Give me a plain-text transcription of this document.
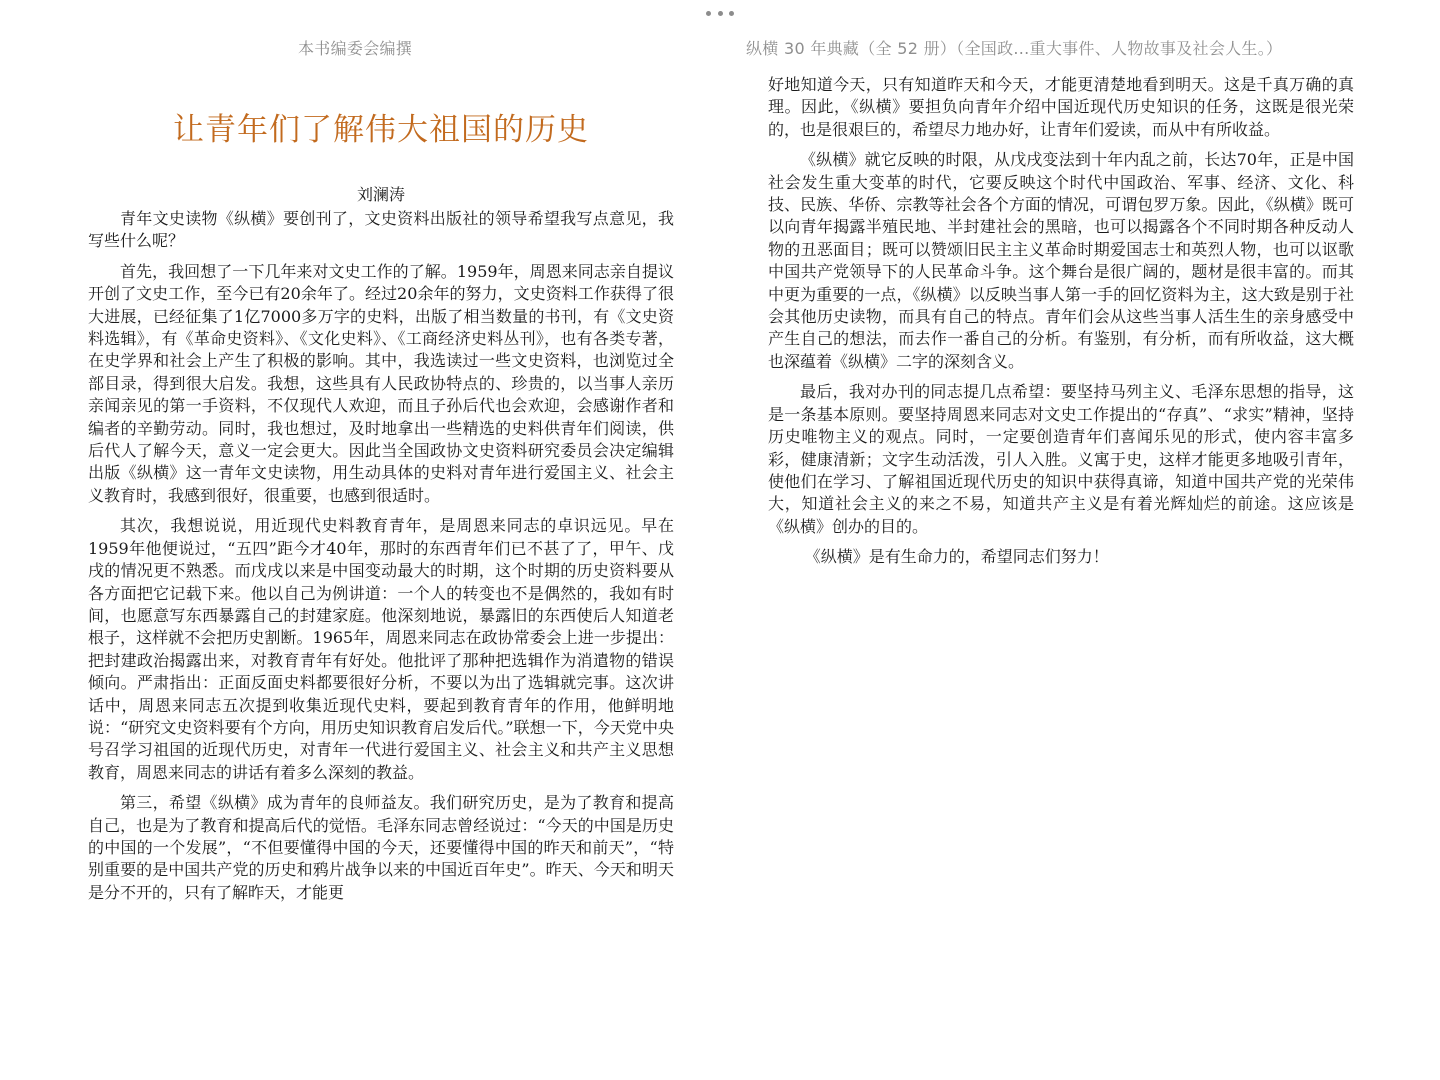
本书编委会编撰
让青年们了解伟大祖国的历史
刘澜涛

青年文史读物《纵横》要创刊了，文史资料出版社的领导希望我写点意见，我写些什么呢？

首先，我回想了一下几年来对文史工作的了解。1959年，周恩来同志亲自提议开创了文史工作，至今已有20余年了。经过20余年的努力，文史资料工作获得了很大进展，已经征集了1亿7000多万字的史料，出版了相当数量的书刊，有《文史资料选辑》，有《革命史资料》、《文化史料》、《工商经济史料丛刊》，也有各类专著，在史学界和社会上产生了积极的影响。其中，我选读过一些文史资料，也浏览过全部目录，得到很大启发。我想，这些具有人民政协特点的、珍贵的，以当事人亲历亲闻亲见的第一手资料，不仅现代人欢迎，而且子孙后代也会欢迎，会感谢作者和编者的辛勤劳动。同时，我也想过，及时地拿出一些精选的史料供青年们阅读，供后代人了解今天，意义一定会更大。因此当全国政协文史资料研究委员会决定编辑出版《纵横》这一青年文史读物，用生动具体的史料对青年进行爱国主义、社会主义教育时，我感到很好，很重要，也感到很适时。

其次，我想说说，用近现代史料教育青年，是周恩来同志的卓识远见。早在1959年他便说过，“五四”距今才40年，那时的东西青年们已不甚了了，甲午、戊戌的情况更不熟悉。而戊戌以来是中国变动最大的时期，这个时期的历史资料要从各方面把它记载下来。他以自己为例讲道：一个人的转变也不是偶然的，我如有时间，也愿意写东西暴露自己的封建家庭。他深刻地说，暴露旧的东西使后人知道老根子，这样就不会把历史割断。1965年，周恩来同志在政协常委会上进一步提出：把封建政治揭露出来，对教育青年有好处。他批评了那种把选辑作为消遣物的错误倾向。严肃指出：正面反面史料都要很好分析，不要以为出了选辑就完事。这次讲话中，周恩来同志五次提到收集近现代史料，要起到教育青年的作用，他鲜明地说：“研究文史资料要有个方向，用历史知识教育启发后代。”联想一下，今天党中央号召学习祖国的近现代历史，对青年一代进行爱国主义、社会主义和共产主义思想教育，周恩来同志的讲话有着多么深刻的教益。

第三，希望《纵横》成为青年的良师益友。我们研究历史，是为了教育和提高自己，也是为了教育和提高后代的觉悟。毛泽东同志曾经说过：“今天的中国是历史的中国的一个发展”，“不但要懂得中国的今天，还要懂得中国的昨天和前天”，“特别重要的是中国共产党的历史和鸦片战争以来的中国近百年史”。昨天、今天和明天是分不开的，只有了解昨天，才能更

纵横 30 年典藏（全 52 册）（全国政...重大事件、人物故事及社会人生。）

好地知道今天，只有知道昨天和今天，才能更清楚地看到明天。这是千真万确的真理。因此，《纵横》要担负向青年介绍中国近现代历史知识的任务，这既是很光荣的，也是很艰巨的，希望尽力地办好，让青年们爱读，而从中有所收益。

《纵横》就它反映的时限，从戊戌变法到十年内乱之前，长达70年，正是中国社会发生重大变革的时代，它要反映这个时代中国政治、军事、经济、文化、科技、民族、华侨、宗教等社会各个方面的情况，可谓包罗万象。因此，《纵横》既可以向青年揭露半殖民地、半封建社会的黑暗，也可以揭露各个不同时期各种反动人物的丑恶面目；既可以赞颂旧民主主义革命时期爱国志士和英烈人物，也可以讴歌中国共产党领导下的人民革命斗争。这个舞台是很广阔的，题材是很丰富的。而其中更为重要的一点，《纵横》以反映当事人第一手的回忆资料为主，这大致是别于社会其他历史读物，而具有自己的特点。青年们会从这些当事人活生生的亲身感受中产生自己的想法，而去作一番自己的分析。有鉴别，有分析，而有所收益，这大概也深蕴着《纵横》二字的深刻含义。

最后，我对办刊的同志提几点希望：要坚持马列主义、毛泽东思想的指导，这是一条基本原则。要坚持周恩来同志对文史工作提出的“存真”、“求实”精神，坚持历史唯物主义的观点。同时，一定要创造青年们喜闻乐见的形式，使内容丰富多彩，健康清新；文字生动活泼，引人入胜。义寓于史，这样才能更多地吸引青年，使他们在学习、了解祖国近现代历史的知识中获得真谛，知道中国共产党的光荣伟大，知道社会主义的来之不易，知道共产主义是有着光辉灿烂的前途。这应该是《纵横》创办的目的。

《纵横》是有生命力的，希望同志们努力！
